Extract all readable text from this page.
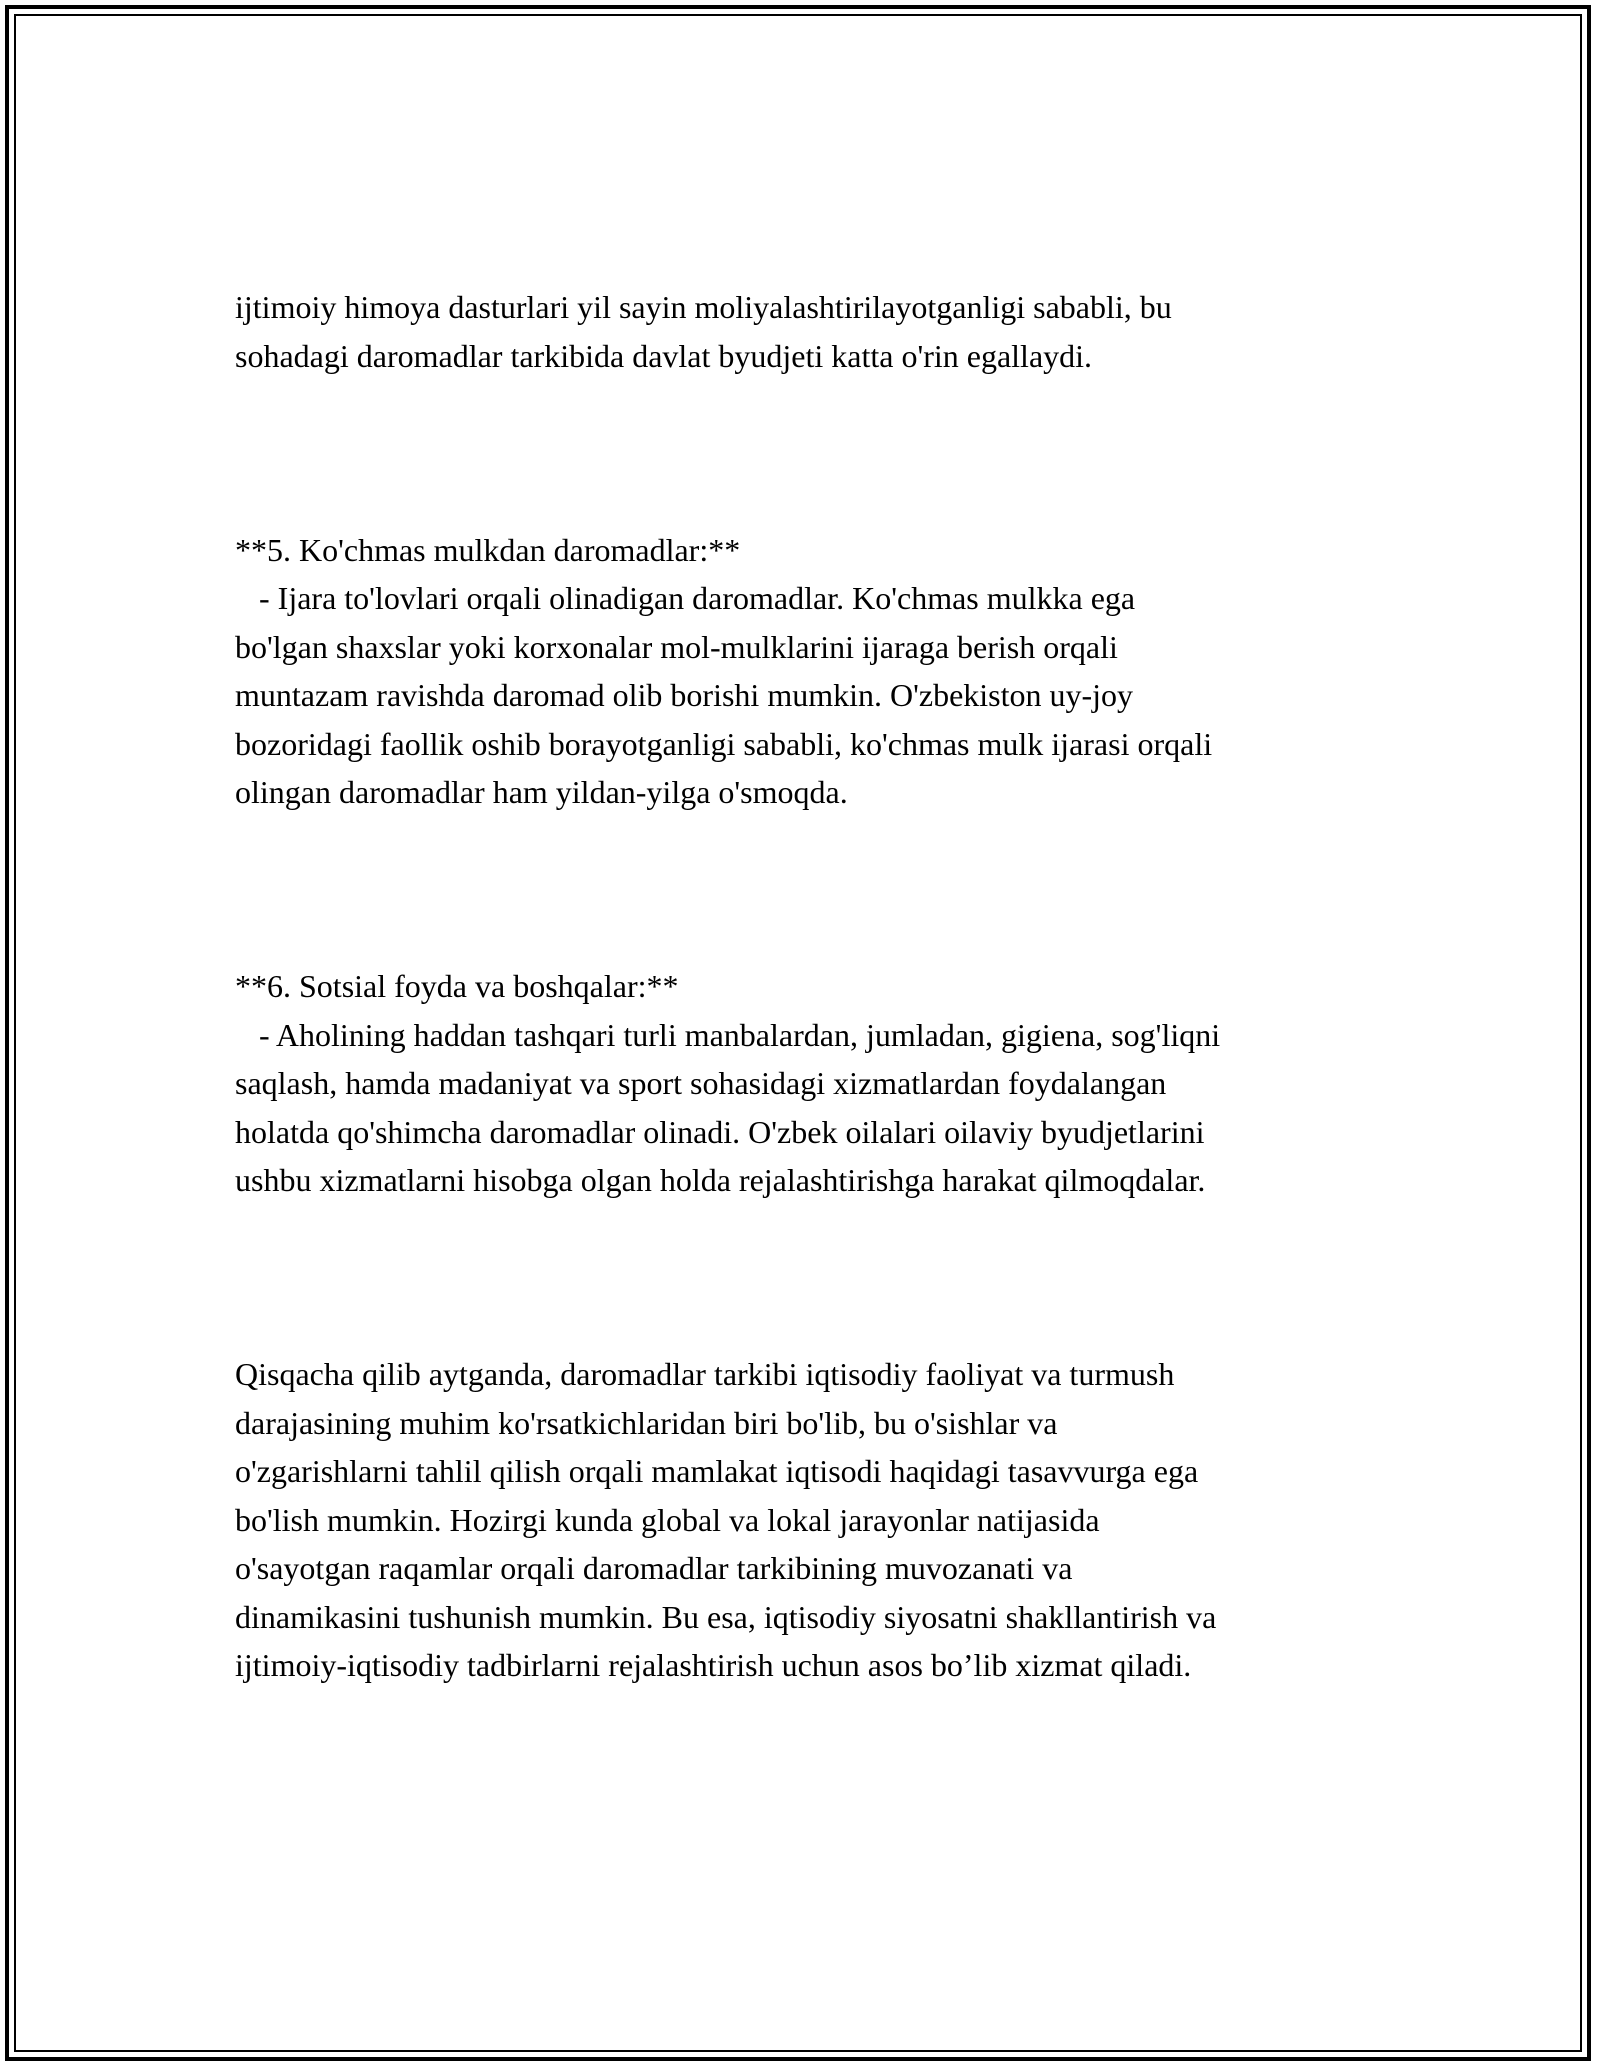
ijtimoiy himoya dasturlari yil sayin moliyalashtirilayotganligi sababli, bu
sohadagi daromadlar tarkibida davlat byudjeti katta o'rin egallaydi.

**5. Ko'chmas mulkdan daromadlar:**
- Ijara to'lovlari orqali olinadigan daromadlar. Ko'chmas mulkka ega
bo'lgan shaxslar yoki korxonalar mol-mulklarini ijaraga berish orqali
muntazam ravishda daromad olib borishi mumkin. O'zbekiston uy-joy
bozoridagi faollik oshib borayotganligi sababli, ko'chmas mulk ijarasi orqali
olingan daromadlar ham yildan-yilga o'smoqda.

**6. Sotsial foyda va boshqalar:**
- Aholining haddan tashqari turli manbalardan, jumladan, gigiena, sog'liqni
saqlash, hamda madaniyat va sport sohasidagi xizmatlardan foydalangan
holatda qo'shimcha daromadlar olinadi. O'zbek oilalari oilaviy byudjetlarini
ushbu xizmatlarni hisobga olgan holda rejalashtirishga harakat qilmoqdalar.

Qisqacha qilib aytganda, daromadlar tarkibi iqtisodiy faoliyat va turmush
darajasining muhim ko'rsatkichlaridan biri bo'lib, bu o'sishlar va
o'zgarishlarni tahlil qilish orqali mamlakat iqtisodi haqidagi tasavvurga ega
bo'lish mumkin. Hozirgi kunda global va lokal jarayonlar natijasida
o'sayotgan raqamlar orqali daromadlar tarkibining muvozanati va
dinamikasini tushunish mumkin. Bu esa, iqtisodiy siyosatni shakllantirish va
ijtimoiy-iqtisodiy tadbirlarni rejalashtirish uchun asos bo’lib xizmat qiladi.
